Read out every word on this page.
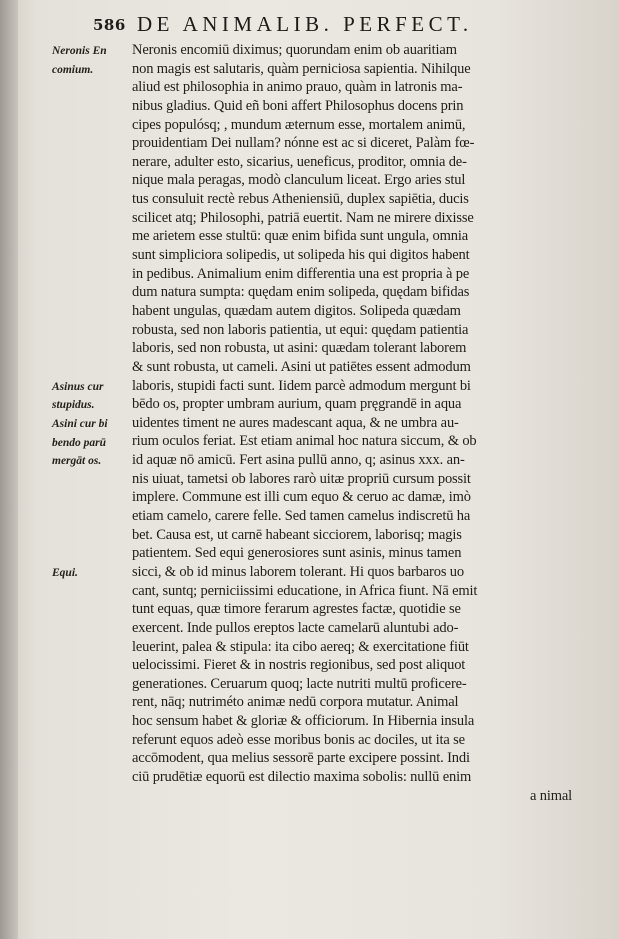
586 DE ANIMALIB. PERFECT.
Neronis En
comium.
Asinus cur
stupidus.
Asini cur bi
bendo parū
mergāt os.
Equi.
Neronis encomiū diximus; quorundam enim ob auaritiam
non magis est salutaris, quàm perniciosa sapientia. Nihilque
aliud est philosophia in animo prauo, quàm in latronis ma-
nibus gladius. Quid eñ boni affert Philosophus docens prin
cipes populósq; , mundum æternum esse, mortalem animū,
prouidentiam Dei nullam? nónne est ac si diceret, Palàm fœ-
nerare, adulter esto, sicarius, ueneficus, proditor, omnia de-
nique mala peragas, modò clanculum liceat. Ergo aries stul
tus consuluit rectè rebus Atheniensiū, duplex sapiētia, ducis
scilicet atq; Philosophi, patriā euertit. Nam ne mirere dixisse
me arietem esse stultū: quæ enim bifida sunt ungula, omnia
sunt simpliciora solipedis, ut solipeda his qui digitos habent
in pedibus. Animalium enim differentia una est propria à pe
dum natura sumpta: quędam enim solipeda, quędam bifidas
habent ungulas, quædam autem digitos. Solipeda quædam
robusta, sed non laboris patientia, ut equi: quędam patientia
laboris, sed non robusta, ut asini: quædam tolerant laborem
& sunt robusta, ut cameli. Asini ut patiētes essent admodum
laboris, stupidi facti sunt. Iidem parcè admodum mergunt bi
bēdo os, propter umbram aurium, quam pręgrandē in aqua
uidentes timent ne aures madescant aqua, & ne umbra au-
rium oculos feriat. Est etiam animal hoc natura siccum, & ob
id aquæ nō amicū. Fert asina pullū anno, q; asinus xxx. an-
nis uiuat, tametsi ob labores rarò uitæ propriū cursum possit
implere. Commune est illi cum equo & ceruo ac damæ, imò
etiam camelo, carere felle. Sed tamen camelus indiscretū ha
bet. Causa est, ut carnē habeant sicciorem, laborisq; magis
patientem. Sed equi generosiores sunt asinis, minus tamen
sicci, & ob id minus laborem tolerant. Hi quos barbaros uo
cant, suntq; perniciissimi educatione, in Africa fiunt. Nā emit
tunt equas, quæ timore ferarum agrestes factæ, quotidie se
exercent. Inde pullos ereptos lacte camelarū aluntubi ado-
leuerint, palea & stipula: ita cibo aereq; & exercitatione fiūt
uelocissimi. Fieret & in nostris regionibus, sed post aliquot
generationes. Ceruarum quoq; lacte nutriti multū proficere-
rent, nāq; nutriméto animæ nedū corpora mutatur. Animal
hoc sensum habet & gloriæ & officiorum. In Hibernia insula
referunt equos adeò esse moribus bonis ac dociles, ut ita se
accōmodent, qua melius sessorē parte excipere possint. Indi
ciū prudētiæ equorū est dilectio maxima sobolis: nullū enim
a nimal
